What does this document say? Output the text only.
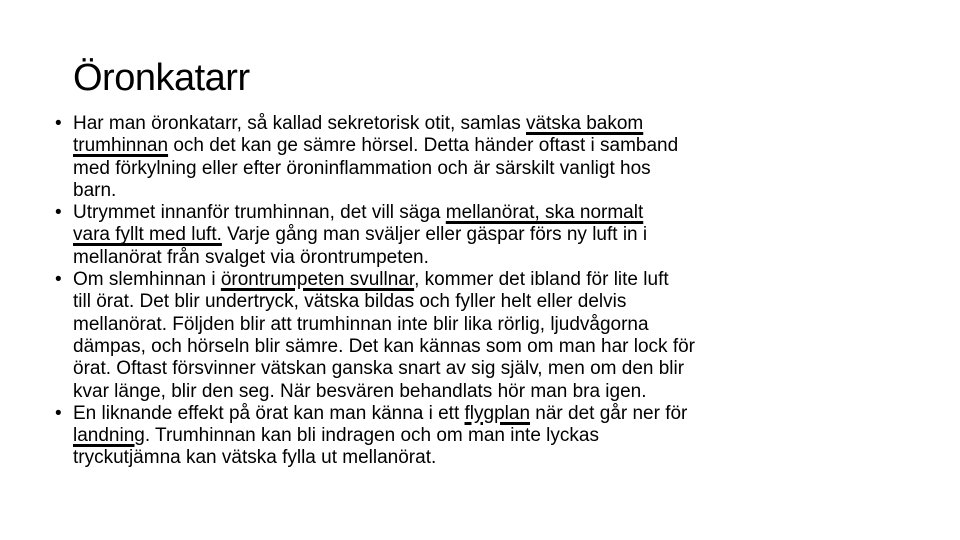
Öronkatarr
• Har man öronkatarr, så kallad sekretorisk otit, samlas vätska bakom
trumhinnan och det kan ge sämre hörsel. Detta händer oftast i samband
med förkylning eller efter öroninflammation och är särskilt vanligt hos
barn.
• Utrymmet innanför trumhinnan, det vill säga mellanörat, ska normalt
vara fyllt med luft. Varje gång man sväljer eller gäspar förs ny luft in i
mellanörat från svalget via örontrumpeten.
• Om slemhinnan i örontrumpeten svullnar, kommer det ibland för lite luft
till örat. Det blir undertryck, vätska bildas och fyller helt eller delvis
mellanörat. Följden blir att trumhinnan inte blir lika rörlig, ljudvågorna
dämpas, och hörseln blir sämre. Det kan kännas som om man har lock för
örat. Oftast försvinner vätskan ganska snart av sig själv, men om den blir
kvar länge, blir den seg. När besvären behandlats hör man bra igen.
• En liknande effekt på örat kan man känna i ett flygplan när det går ner för
landning. Trumhinnan kan bli indragen och om man inte lyckas
tryckutjämna kan vätska fylla ut mellanörat.
